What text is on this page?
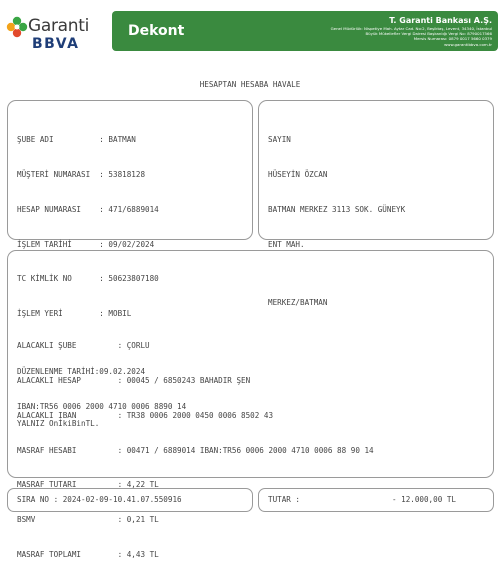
Garanti
BBVA
Dekont
T. Garanti Bankası A.Ş.
Genel Müdürlük: Nispetiye Mah. Aytar Cad. No:2, Beşiktaş, Levent, 34340, İstanbul
Büyük Mükellefler Vergi Dairesi Başkanlığı Vergi No: 8790017566
Mersis Numarası: 0879 0017 5660 0379
www.garantibbva.com.tr
HESAPTAN HESABA HAVALE

ŞUBE ADI          : BATMAN

MÜŞTERİ NUMARASI  : 53818128

HESAP NUMARASI    : 471/6889014

İŞLEM TARİHİ      : 09/02/2024

TC KİMLİK NO      : 50623807180

İŞLEM YERİ        : MOBIL

DÜZENLENME TARİHİ:09.02.2024

IBAN:TR56 0006 2000 4710 0006 8890 14

SAYIN

HÜSEYİN ÖZCAN

BATMAN MERKEZ 3113 SOK. GÜNEYK

ENT MAH.

MERKEZ/BATMAN

ALACAKLI ŞUBE         : ÇORLU

ALACAKLI HESAP        : 00045 / 6850243 BAHADIR ŞEN

ALACAKLI IBAN         : TR38 0006 2000 0450 0006 8502 43

MASRAF HESABI         : 00471 / 6889014 IBAN:TR56 0006 2000 4710 0006 88 90 14

MASRAF TUTARI         : 4,22 TL

BSMV                  : 0,21 TL

MASRAF TOPLAMI        : 4,43 TL

YALNIZ OnİkiBinTL.
SIRA NO : 2024-02-09-10.41.07.550916	TUTAR :	- 12.000,00 TL
